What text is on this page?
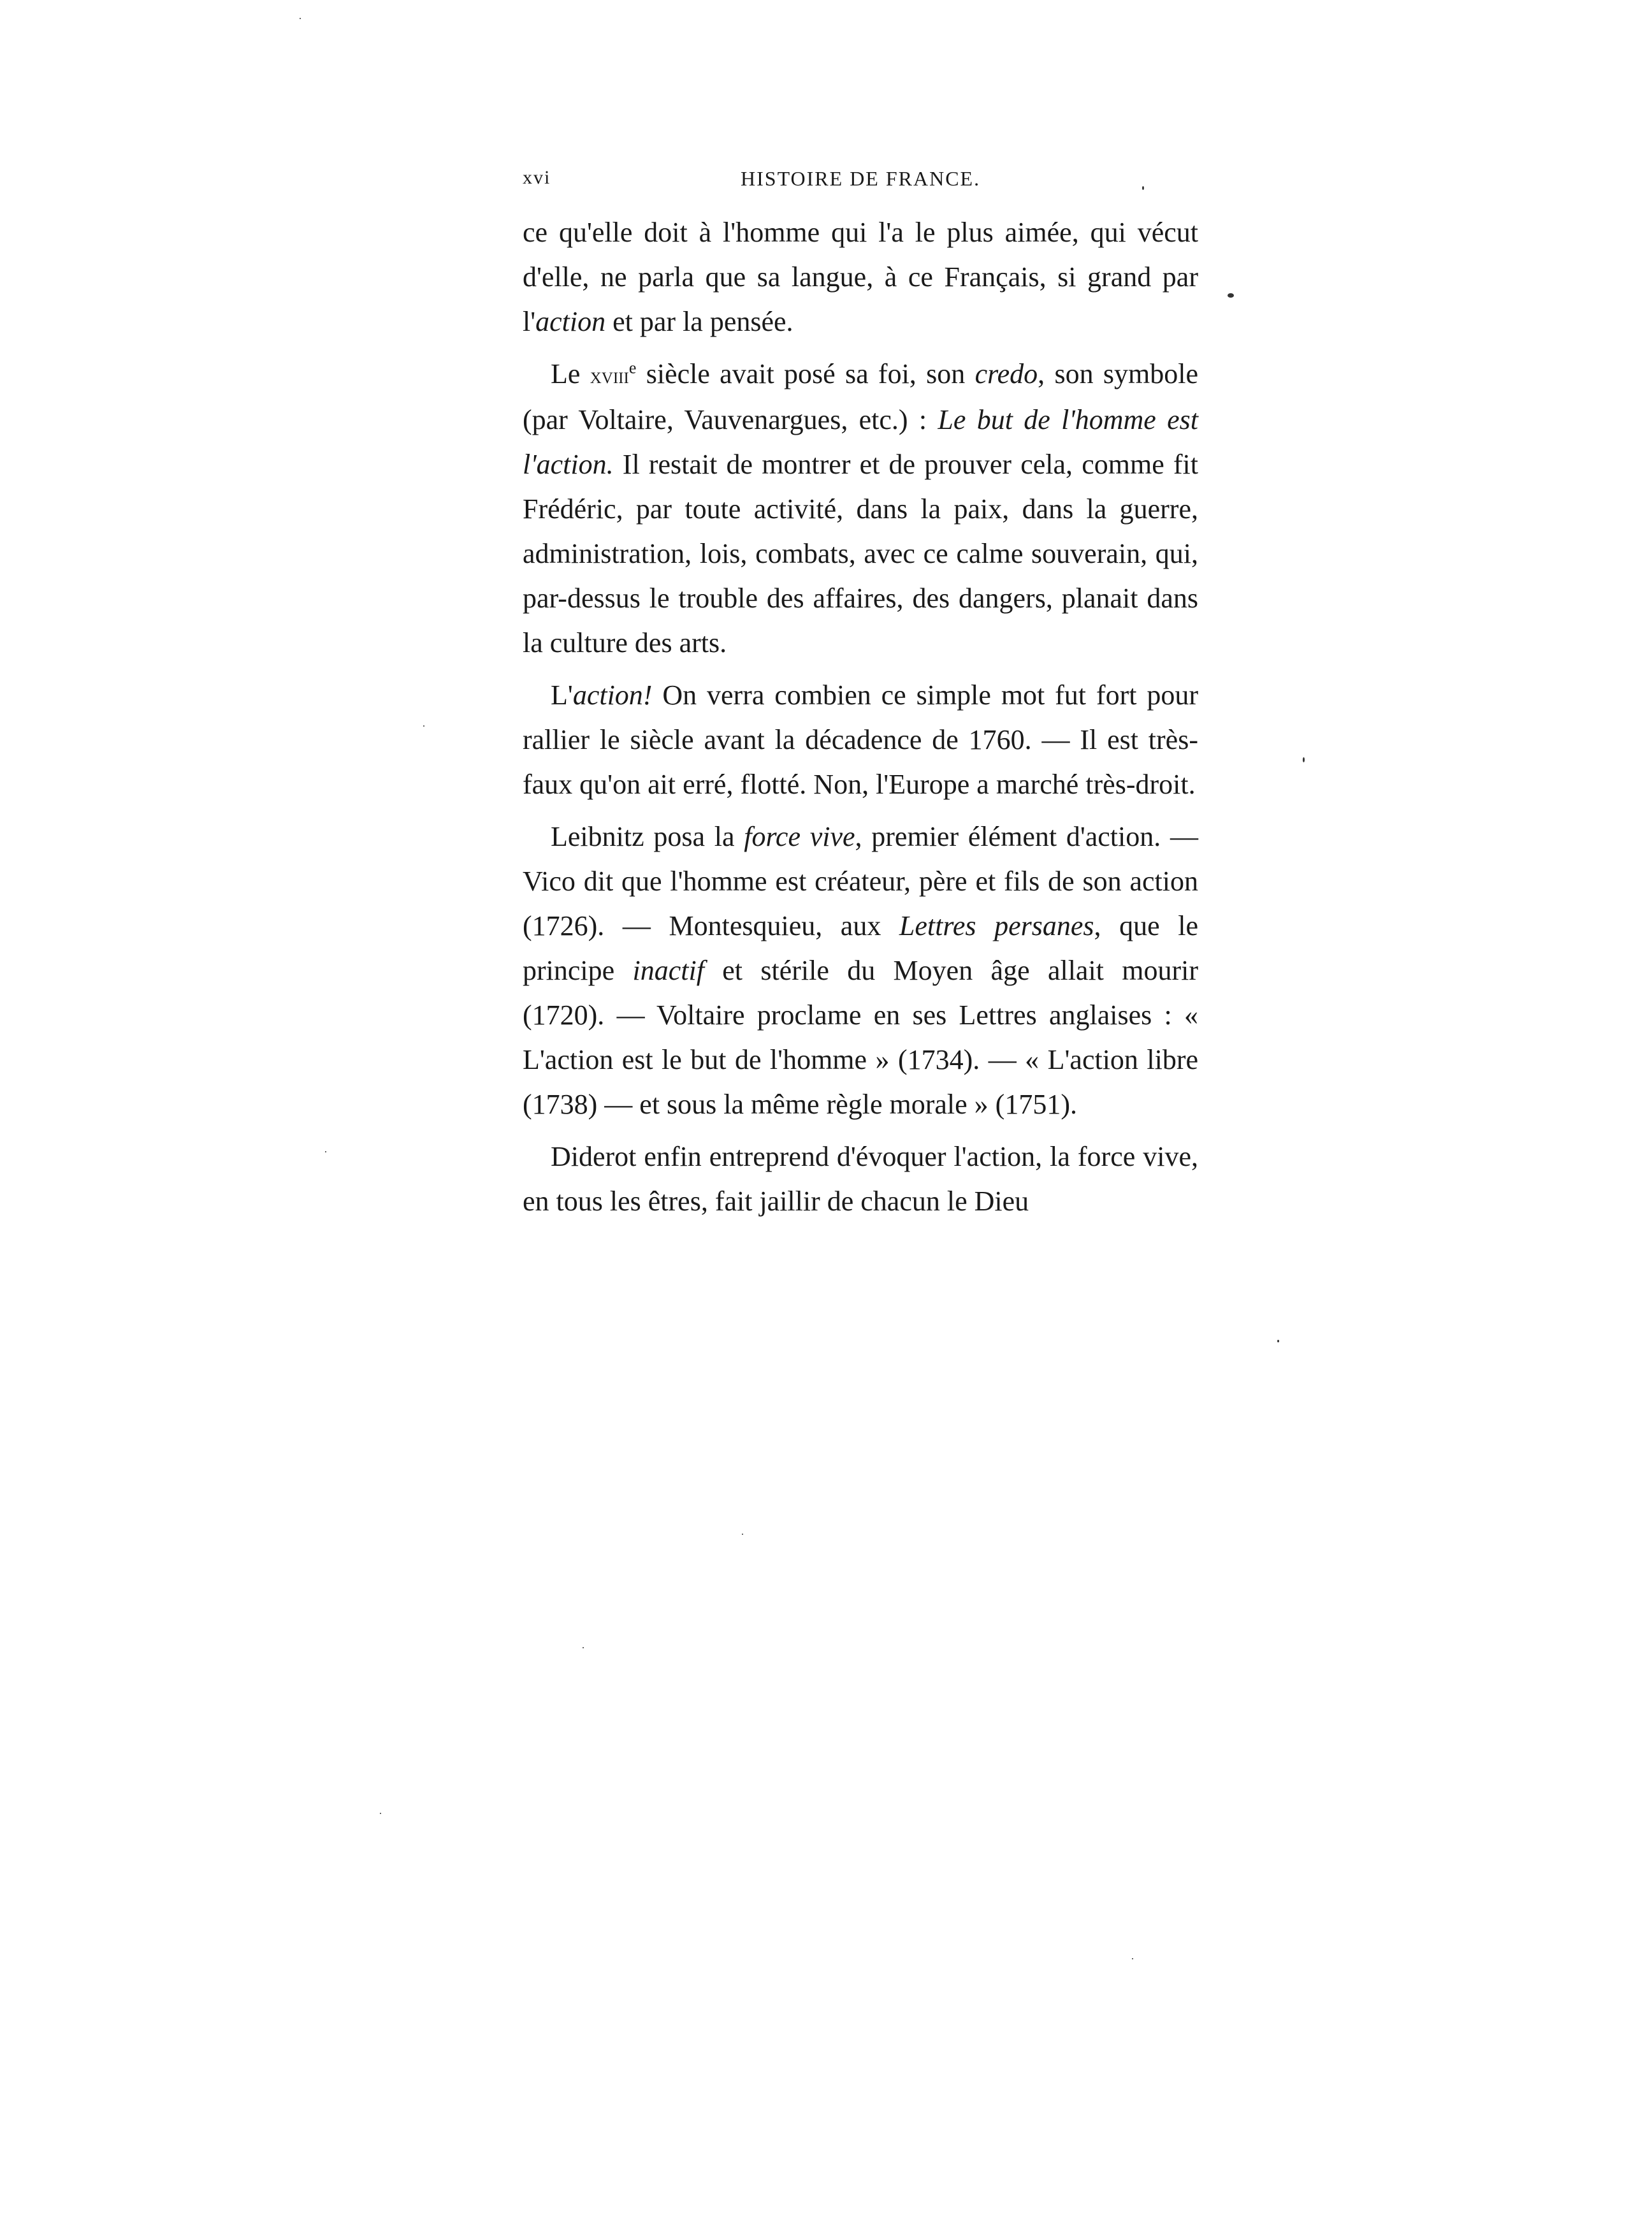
xvi	HISTOIRE DE FRANCE.

ce qu'elle doit à l'homme qui l'a le plus aimée, qui vécut d'elle, ne parla que sa langue, à ce Français, si grand par l'action et par la pensée.

Le xviii$^e$ siècle avait posé sa foi, son credo, son symbole (par Voltaire, Vauvenargues, etc.) : Le but de l'homme est l'action. Il restait de montrer et de prouver cela, comme fit Frédéric, par toute activité, dans la paix, dans la guerre, administration, lois, combats, avec ce calme souverain, qui, par-dessus le trouble des affaires, des dangers, planait dans la culture des arts.

L'action! On verra combien ce simple mot fut fort pour rallier le siècle avant la décadence de 1760. — Il est très-faux qu'on ait erré, flotté. Non, l'Europe a marché très-droit.

Leibnitz posa la force vive, premier élément d'action. — Vico dit que l'homme est créateur, père et fils de son action (1726). — Montesquieu, aux Lettres persanes, que le principe inactif et stérile du Moyen âge allait mourir (1720). — Voltaire proclame en ses Lettres anglaises : « L'action est le but de l'homme » (1734). — « L'action libre (1738) — et sous la même règle morale » (1751).

Diderot enfin entreprend d'évoquer l'action, la force vive, en tous les êtres, fait jaillir de chacun le Dieu
